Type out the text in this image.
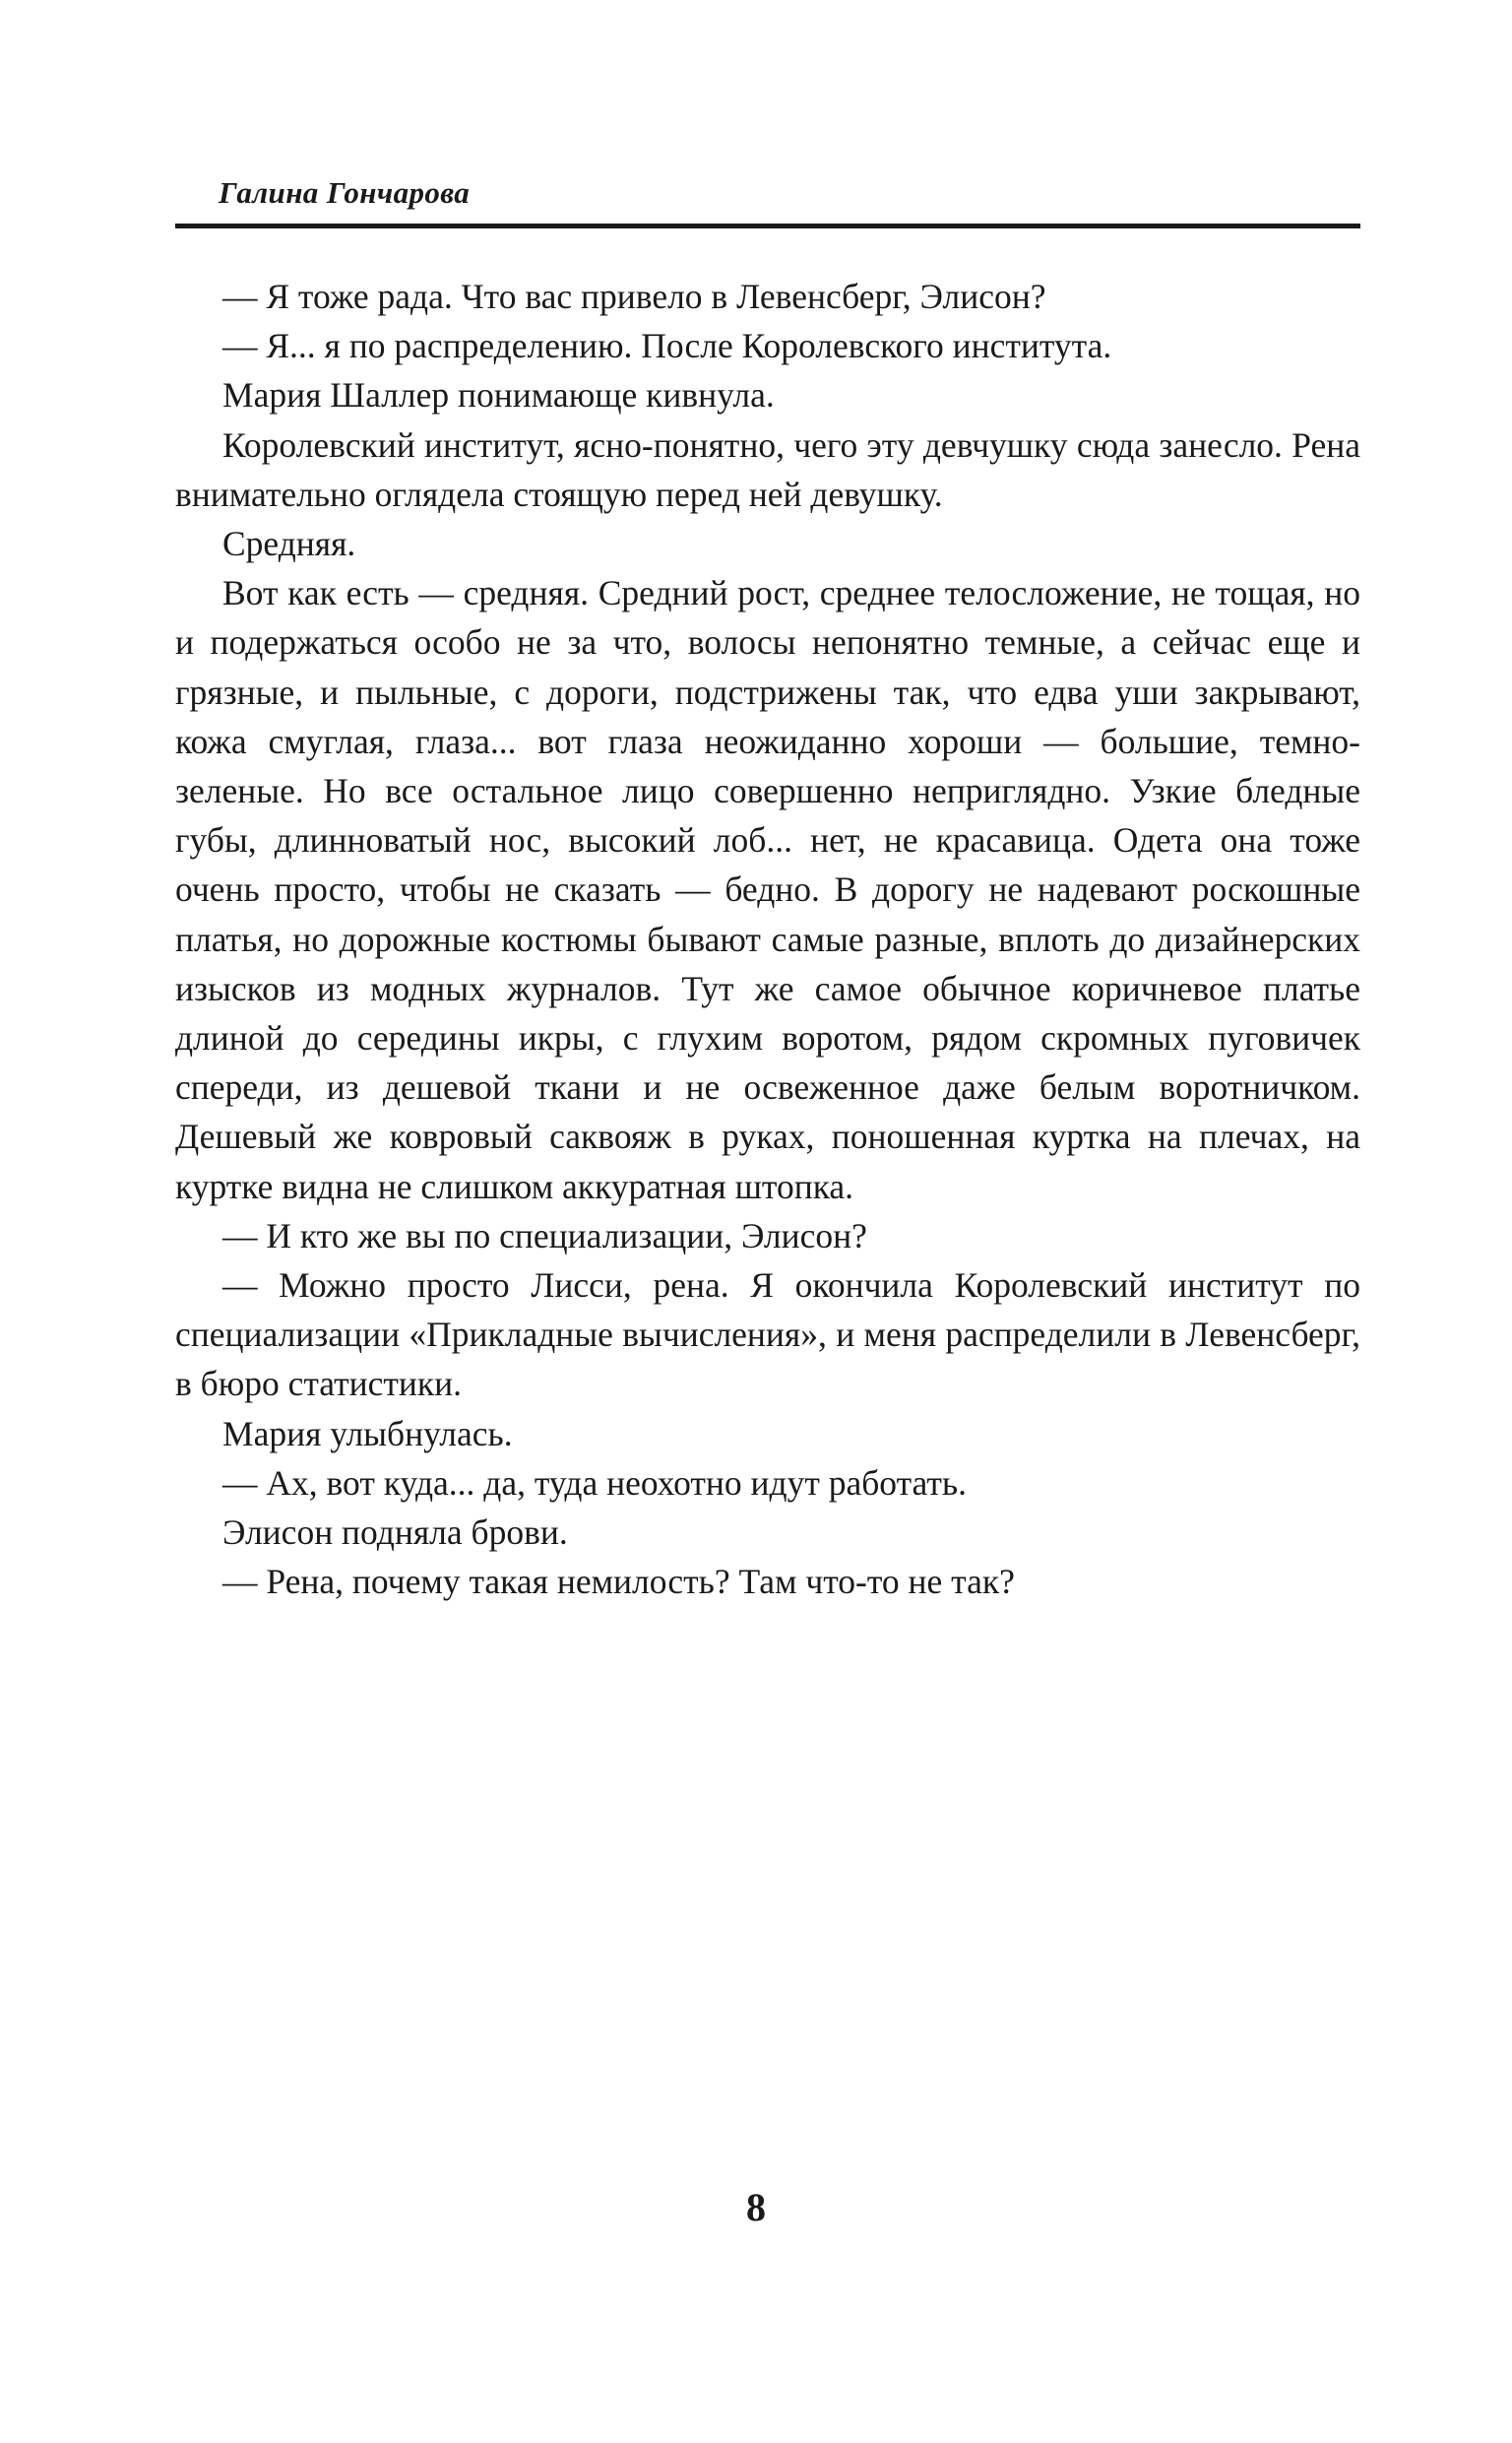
Галина Гончарова

— Я тоже рада. Что вас привело в Левенсберг, Элисон?

— Я... я по распределению. После Королевского института.

Мария Шаллер понимающе кивнула.

Королевский институт, ясно-понятно, чего эту девчушку сюда занесло. Рена внимательно оглядела стоящую перед ней девушку.

Средняя.

Вот как есть — средняя. Средний рост, среднее телосложение, не тощая, но и подержаться особо не за что, волосы непонятно темные, а сейчас еще и грязные, и пыльные, с дороги, подстрижены так, что едва уши закрывают, кожа смуглая, глаза... вот глаза неожиданно хороши — большие, темно-зеленые. Но все остальное лицо совершенно неприглядно. Узкие бледные губы, длинноватый нос, высокий лоб... нет, не красавица. Одета она тоже очень просто, чтобы не сказать — бедно. В дорогу не надевают роскошные платья, но дорожные костюмы бывают самые разные, вплоть до дизайнерских изысков из модных журналов. Тут же самое обычное коричневое платье длиной до середины икры, с глухим воротом, рядом скромных пуговичек спереди, из дешевой ткани и не освеженное даже белым воротничком. Дешевый же ковровый саквояж в руках, поношенная куртка на плечах, на куртке видна не слишком аккуратная штопка.

— И кто же вы по специализации, Элисон?

— Можно просто Лисси, рена. Я окончила Королевский институт по специализации «Прикладные вычисления», и меня распределили в Левенсберг, в бюро статистики.

Мария улыбнулась.

— Ах, вот куда... да, туда неохотно идут работать.

Элисон подняла брови.

— Рена, почему такая немилость? Там что-то не так?

8
